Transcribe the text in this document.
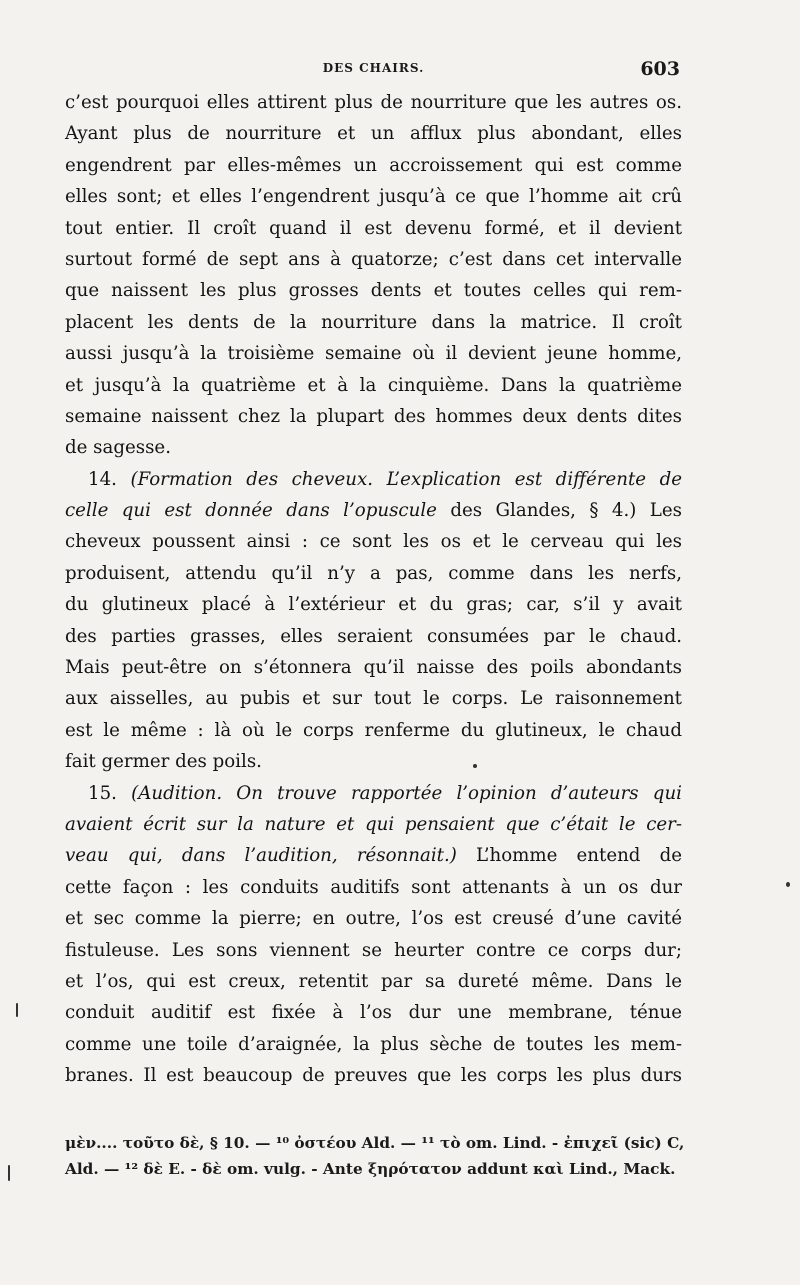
DES CHAIRS.	603
c’est pourquoi elles attirent plus de nourriture que les autres os.
Ayant plus de nourriture et un afflux plus abondant, elles
engendrent par elles-mêmes un accroissement qui est comme
elles sont; et elles l’engendrent jusqu’à ce que l’homme ait crû
tout entier. Il croît quand il est devenu formé, et il devient
surtout formé de sept ans à quatorze; c’est dans cet intervalle
que naissent les plus grosses dents et toutes celles qui rem-
placent les dents de la nourriture dans la matrice. Il croît
aussi jusqu’à la troisième semaine où il devient jeune homme,
et jusqu’à la quatrième et à la cinquième. Dans la quatrième
semaine naissent chez la plupart des hommes deux dents dites
de sagesse.
14. (Formation des cheveux. L’explication est différente de
celle qui est donnée dans l’opuscule des Glandes, § 4.) Les
cheveux poussent ainsi : ce sont les os et le cerveau qui les
produisent, attendu qu’il n’y a pas, comme dans les nerfs,
du glutineux placé à l’extérieur et du gras; car, s’il y avait
des parties grasses, elles seraient consumées par le chaud.
Mais peut-être on s’étonnera qu’il naisse des poils abondants
aux aisselles, au pubis et sur tout le corps. Le raisonnement
est le même : là où le corps renferme du glutineux, le chaud
fait germer des poils.
15. (Audition. On trouve rapportée l’opinion d’auteurs qui
avaient écrit sur la nature et qui pensaient que c’était le cer-
veau qui, dans l’audition, résonnait.) L’homme entend de
cette façon : les conduits auditifs sont attenants à un os dur
et sec comme la pierre; en outre, l’os est creusé d’une cavité
fistuleuse. Les sons viennent se heurter contre ce corps dur;
et l’os, qui est creux, retentit par sa dureté même. Dans le
conduit auditif est fixée à l’os dur une membrane, ténue
comme une toile d’araignée, la plus sèche de toutes les mem-
branes. Il est beaucoup de preuves que les corps les plus durs
μὲν.... τοῦτο δὲ, § 10. — ¹⁰ ὀστέου Ald. — ¹¹ τὸ om. Lind. - ἐπιχεῖ (sic) C,
Ald. — ¹² δὲ E. - δὲ om. vulg. - Ante ξηρότατον addunt καὶ Lind., Mack.
